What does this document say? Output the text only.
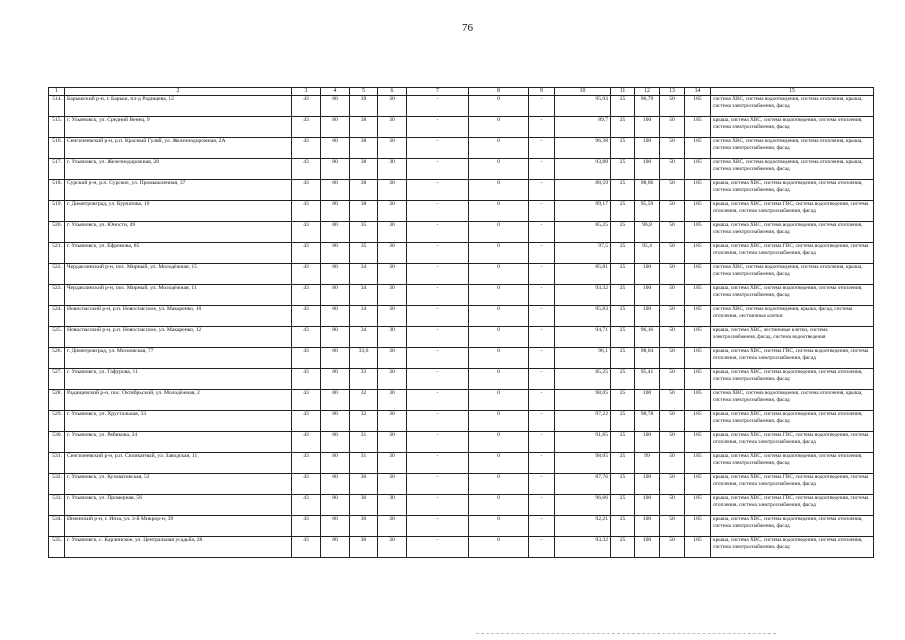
76
1	2	3	4	5	6	7	8	9	10	11	12	13	14	15
514.	Барышский р-н, г. Барыш, пл-д Радищева, 12	43	80	39	30	-	0	-	95,93	25	96,79	50	185	система ХВС, система водоотведения, система отопления, крыша, система электроснабжения, фасад
515.	г. Ульяновск, ул. Средний Венец, 9	43	80	38	30	-	0	-	89,7	25	100	50	185	крыша, система ХВС, система водоотведения, система отопления, система электроснабжения, фасад
516.	Сенгилеевский р-н, р.п. Красный Гуляй, ул. Железнодорожная, 2А	43	80	38	30	-	0	-	96,38	25	100	50	185	система ХВС, система водоотведения, система отопления, крыша, система электроснабжения, фасад
517.	г. Ульяновск, ул. Железнодорожная, 28	43	80	38	30	-	0	-	93,88	25	100	50	185	система ХВС, система водоотведения, система отопления, крыша, система электроснабжения, фасад
518.	Сурский р-н, р.п. Сурское, ул. Промышленная, 37	43	80	38	30	-	0	-	88,59	25	98,06	50	185	крыша, система ХВС, система водоотведения, система отопления, система электроснабжения, фасад
519.	г. Димитровград, ул. Курчатова, 10	43	80	38	30	-	0	-	99,17	25	95,59	50	185	крыша, система ХВС, система ГВС, система водоотведения, система отопления, система электроснабжения, фасад
520.	г. Ульяновск, ул. Юности, 49	43	80	35	30	-	0	-	85,25	25	96,8	50	185	крыша, система ХВС, система водоотведения, система отопления, система электроснабжения, фасад
521.	г. Ульяновск, ул. Ефремова, 85	43	80	35	30	-	0	-	97,5	25	95,4	50	185	крыша, система ХВС, система ГВС, система водоотведения, система отопления, система электроснабжения, фасад
522.	Чердаклинский р-н, пос. Мирный, ул. Молодёжная, 15	43	80	34	30	-	0	-	85,81	25	100	50	185	система ХВС, система водоотведения, система отопления, крыша, система электроснабжения, фасад
523.	Чердаклинский р-н, пос. Мирный, ул. Молодёжная, 11	43	80	34	30	-	0	-	93,32	25	100	50	185	крыша, система ХВС, система водоотведения, система отопления, система электроснабжения, фасад
524.	Новоспасский р-н, р.п. Новоспасское, ул. Макаренко, 10	43	80	34	30	-	0	-	95,83	25	100	50	185	система ХВС, система водоотведения, крыша, фасад, система отопления, лестничные клетки
525.	Новоспасский р-н, р.п. Новоспасское, ул. Макаренко, 12	43	80	34	30	-	0	-	94,71	25	96,16	50	185	крыша, система ХВС, лестничные клетки, система электроснабжения, фасад, система водоотведения
526.	г. Димитровград, ул. Московская, 77	43	80	33,6	30	-	0	-	96,1	25	98,04	50	185	крыша, система ХВС, система ГВС, система водоотведения, система отопления, система электроснабжения, фасад
527.	г. Ульяновск, ул. Гафурова, 11	43	80	33	30	-	0	-	85,25	25	95,41	50	185	крыша, система ХВС, система водоотведения, система отопления, система электроснабжения, фасад
528.	Радищевский р-н, пос. Октябрьский, ул. Молодёжная, 2	43	80	32	30	-	0	-	98,05	25	100	50	185	система ХВС, система водоотведения, система отопления, крыша, система электроснабжения, фасад
529.	г. Ульяновск, ул. Хрустальная, 33	43	80	32	30	-	0	-	97,22	25	98,78	50	185	крыша, система ХВС, система водоотведения, система отопления, система электроснабжения, фасад
530.	г. Ульяновск, ул. Рябикова, 24	43	80	31	30	-	0	-	91,65	25	100	50	185	крыша, система ХВС, система ГВС, система водоотведения, система отопления, система электроснабжения, фасад
531.	Сенгилеевский р-н, р.п. Силикатный, ул. Заводская, 11	43	80	31	30	-	0	-	98,05	25	99	50	185	крыша, система ХВС, система водоотведения, система отопления, система электроснабжения, фасад
532.	г. Ульяновск, ул. Кузоватовская, 52	43	80	30	30	-	0	-	87,76	25	100	50	185	крыша, система ХВС, система ГВС, система водоотведения, система отопления, система электроснабжения, фасад
533.	г. Ульяновск, ул. Промерная, 56	43	80	30	30	-	0	-	96,66	25	100	50	185	крыша, система ХВС, система ГВС, система водоотведения, система отопления, система электроснабжения, фасад
534.	Инзенский р-н, г. Инза, ул. 3-й Микрор-н, 39	43	80	30	30	-	0	-	92,21	25	100	50	185	крыша, система ХВС, система водоотведения, система отопления, система электроснабжения, фасад
535.	г. Ульяновск, с. Карлинское, ул. Центральная усадьба, 28	43	80	30	30	-	0	-	93,32	25	100	50	185	крыша, система ХВС, система водоотведения, система отопления, система электроснабжения, фасад
